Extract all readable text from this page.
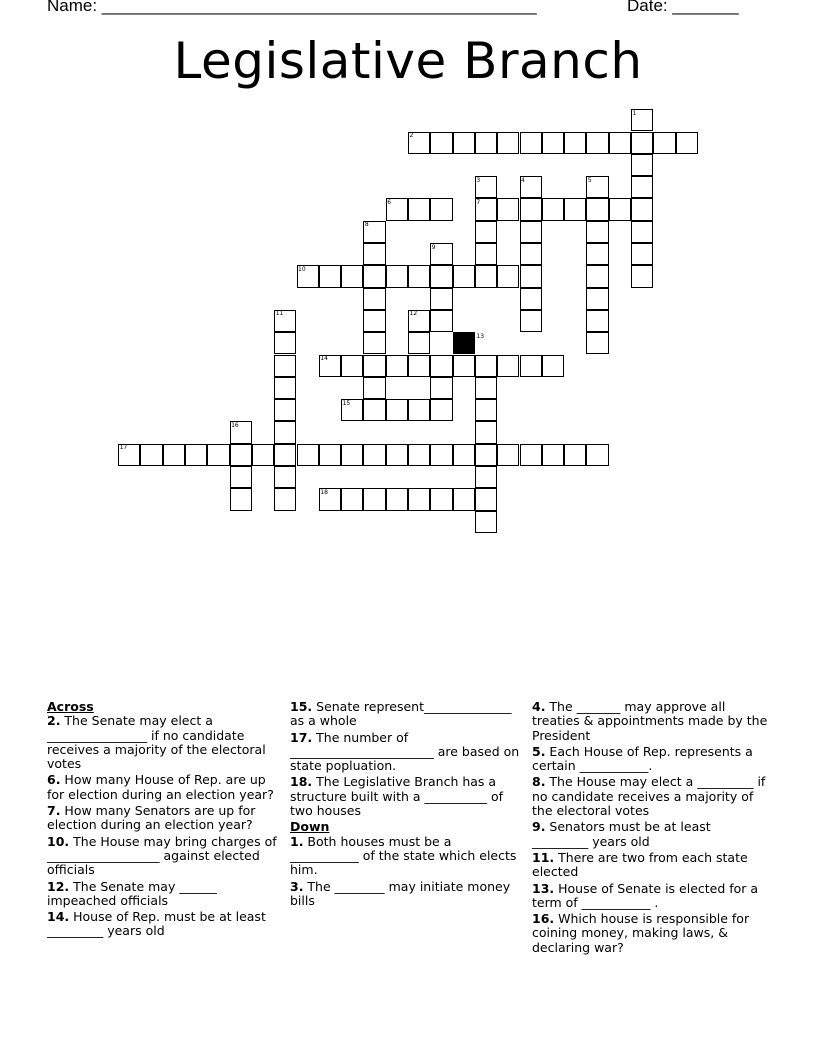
Name: ______________________________________________	Date: _______
Legislative Branch
1
2
3	4	5
6	7
8
9
10
11	12
13
14
15
16
17
18
Across
2. The Senate may elect a ________________ if no candidate receives a majority of the electoral votes
6. How many House of Rep. are up for election during an election year?
7. How many Senators are up for election during an election year?
10. The House may bring charges of __________________ against elected officials
12. The Senate may ______ impeached officials
14. House of Rep. must be at least _________ years old
15. Senate represent______________ as a whole
17. The number of _______________________ are based on state popluation.
18. The Legislative Branch has a structure built with a __________ of two houses
Down
1. Both houses must be a ___________ of the state which elects him.
3. The ________ may initiate money bills
4. The _______ may approve all treaties & appointments made by the President
5. Each House of Rep. represents a certain ___________.
8. The House may elect a _________ if no candidate receives a majority of the electoral votes
9. Senators must be at least _________ years old
11. There are two from each state elected
13. House of Senate is elected for a term of ___________ .
16. Which house is responsible for coining money, making laws, & declaring war?
